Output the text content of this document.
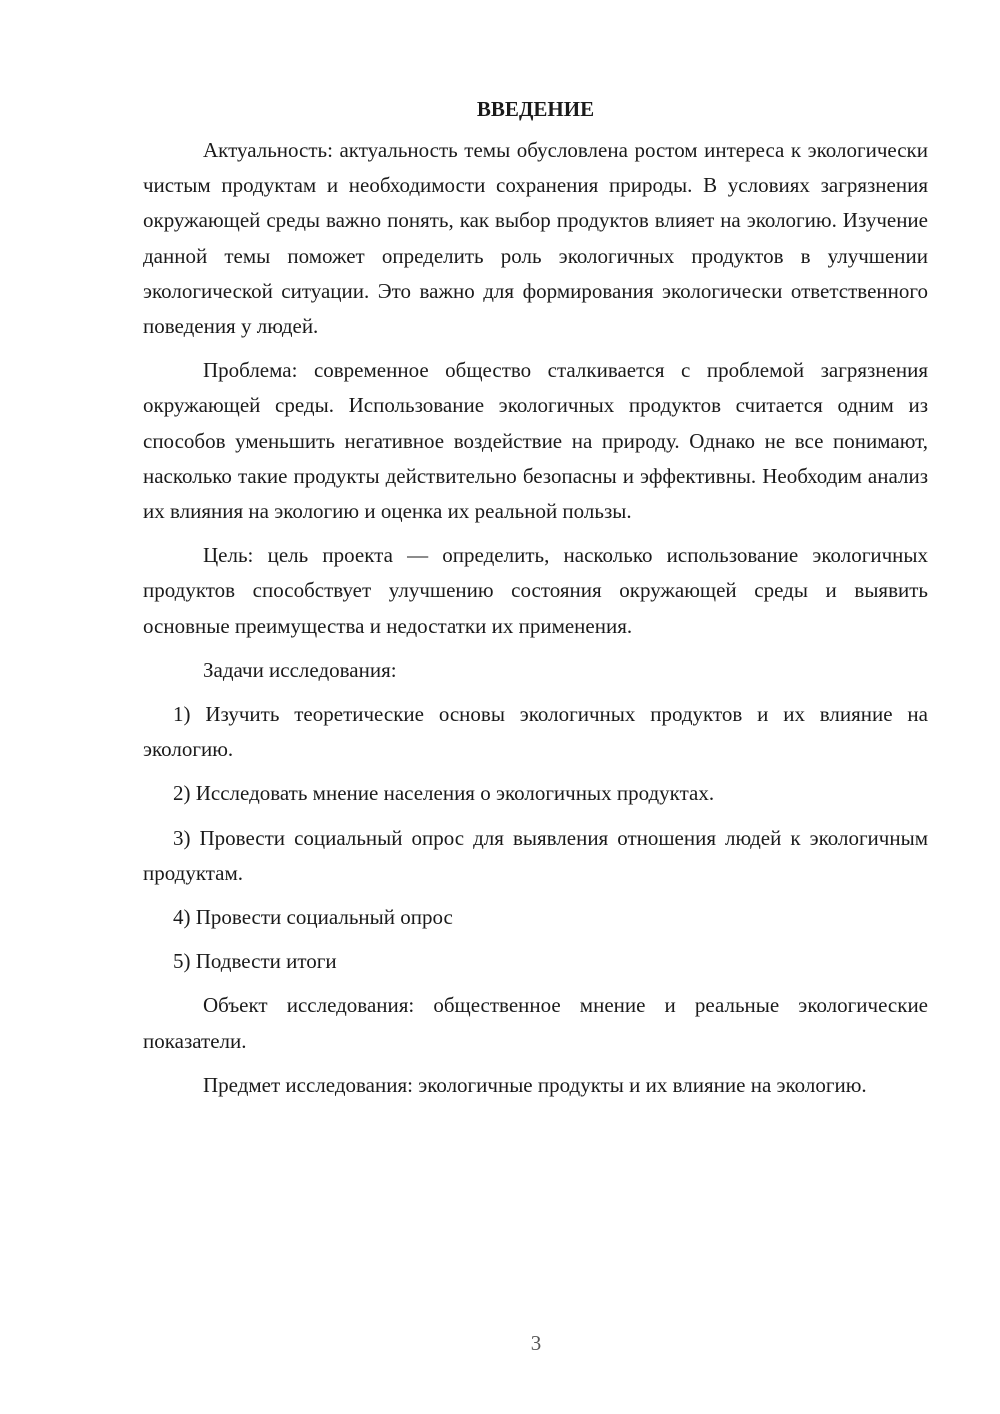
ВВЕДЕНИЕ

Актуальность: актуальность темы обусловлена ростом интереса к экологически чистым продуктам и необходимости сохранения природы. В условиях загрязнения окружающей среды важно понять, как выбор продуктов влияет на экологию. Изучение данной темы поможет определить роль экологичных продуктов в улучшении экологической ситуации. Это важно для формирования экологически ответственного поведения у людей.

Проблема: современное общество сталкивается с проблемой загрязнения окружающей среды. Использование экологичных продуктов считается одним из способов уменьшить негативное воздействие на природу. Однако не все понимают, насколько такие продукты действительно безопасны и эффективны. Необходим анализ их влияния на экологию и оценка их реальной пользы.

Цель: цель проекта — определить, насколько использование экологичных продуктов способствует улучшению состояния окружающей среды и выявить основные преимущества и недостатки их применения.

Задачи исследования:

1) Изучить теоретические основы экологичных продуктов и их влияние на экологию.

2) Исследовать мнение населения о экологичных продуктах.

3) Провести социальный опрос для выявления отношения людей к экологичным продуктам.

4) Провести социальный опрос

5) Подвести итоги

Объект исследования: общественное мнение и реальные экологические показатели.

Предмет исследования: экологичные продукты и их влияние на экологию.

3
